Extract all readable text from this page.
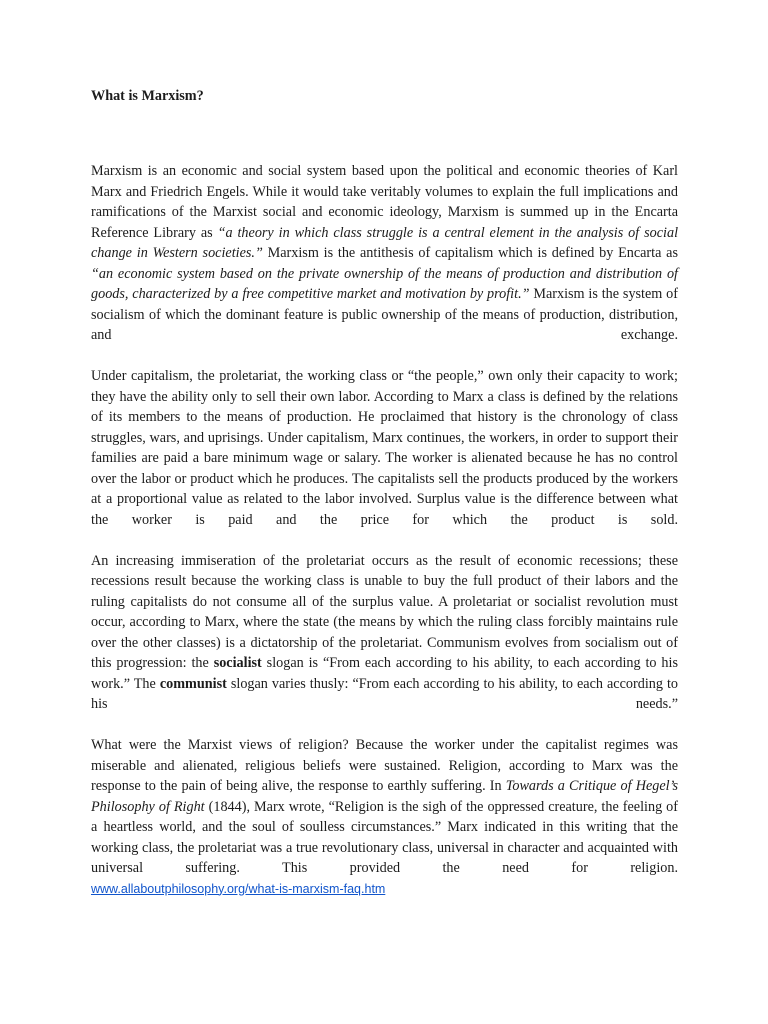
What is Marxism?

Marxism is an economic and social system based upon the political and economic theories of Karl Marx and Friedrich Engels. While it would take veritably volumes to explain the full implications and ramifications of the Marxist social and economic ideology, Marxism is summed up in the Encarta Reference Library as “a theory in which class struggle is a central element in the analysis of social change in Western societies.” Marxism is the antithesis of capitalism which is defined by Encarta as “an economic system based on the private ownership of the means of production and distribution of goods, characterized by a free competitive market and motivation by profit.” Marxism is the system of socialism of which the dominant feature is public ownership of the means of production, distribution, and exchange.

Under capitalism, the proletariat, the working class or “the people,” own only their capacity to work; they have the ability only to sell their own labor. According to Marx a class is defined by the relations of its members to the means of production. He proclaimed that history is the chronology of class struggles, wars, and uprisings. Under capitalism, Marx continues, the workers, in order to support their families are paid a bare minimum wage or salary. The worker is alienated because he has no control over the labor or product which he produces. The capitalists sell the products produced by the workers at a proportional value as related to the labor involved. Surplus value is the difference between what the worker is paid and the price for which the product is sold.

An increasing immiseration of the proletariat occurs as the result of economic recessions; these recessions result because the working class is unable to buy the full product of their labors and the ruling capitalists do not consume all of the surplus value. A proletariat or socialist revolution must occur, according to Marx, where the state (the means by which the ruling class forcibly maintains rule over the other classes) is a dictatorship of the proletariat. Communism evolves from socialism out of this progression: the socialist slogan is “From each according to his ability, to each according to his work.” The communist slogan varies thusly: “From each according to his ability, to each according to his needs.”

What were the Marxist views of religion? Because the worker under the capitalist regimes was miserable and alienated, religious beliefs were sustained. Religion, according to Marx was the response to the pain of being alive, the response to earthly suffering. In Towards a Critique of Hegel’s Philosophy of Right (1844), Marx wrote, “Religion is the sigh of the oppressed creature, the feeling of a heartless world, and the soul of soulless circumstances.” Marx indicated in this writing that the working class, the proletariat was a true revolutionary class, universal in character and acquainted with universal suffering. This provided the need for religion.

www.allaboutphilosophy.org/what-is-marxism-faq.htm
